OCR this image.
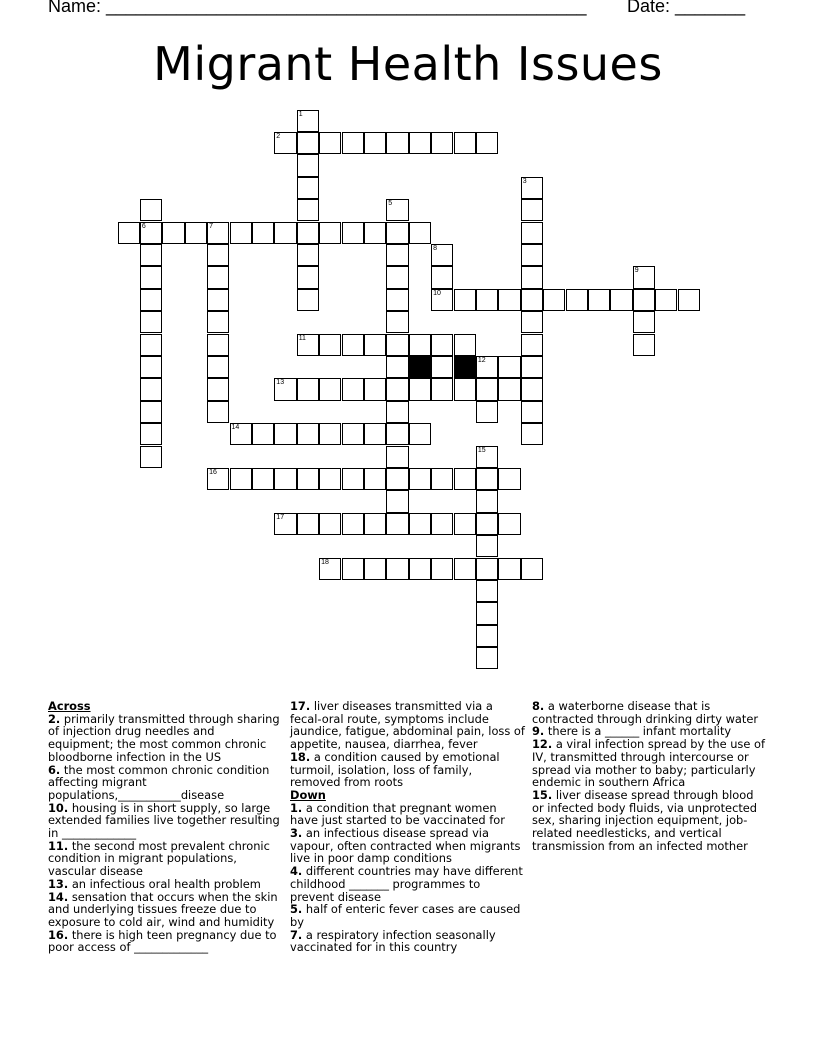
Name: ________________________________________________ Date: _______
Migrant Health Issues
2
6	7
10
11
13
14
16
17
18
12
1
3
5
8
9
15

Across

2. primarily transmitted through sharing of injection drug needles and equipment; the most common chronic bloodborne infection in the US

6. the most common chronic condition affecting migrant populations,___________disease

10. housing is in short supply, so large extended families live together resulting in _____________

11. the second most prevalent chronic condition in migrant populations, vascular disease

13. an infectious oral health problem

14. sensation that occurs when the skin and underlying tissues freeze due to exposure to cold air, wind and humidity

16. there is high teen pregnancy due to poor access of _____________

17. liver diseases transmitted via a fecal-oral route, symptoms include jaundice, fatigue, abdominal pain, loss of appetite, nausea, diarrhea, fever

18. a condition caused by emotional turmoil, isolation, loss of family, removed from roots

Down

1. a condition that pregnant women have just started to be vaccinated for

3. an infectious disease spread via vapour, often contracted when migrants live in poor damp conditions

4. different countries may have different childhood _______ programmes to prevent disease

5. half of enteric fever cases are caused by

7. a respiratory infection seasonally vaccinated for in this country

8. a waterborne disease that is contracted through drinking dirty water

9. there is a ______ infant mortality

12. a viral infection spread by the use of IV, transmitted through intercourse or spread via mother to baby; particularly endemic in southern Africa

15. liver disease spread through blood or infected body fluids, via unprotected sex, sharing injection equipment, job-related needlesticks, and vertical transmission from an infected mother
